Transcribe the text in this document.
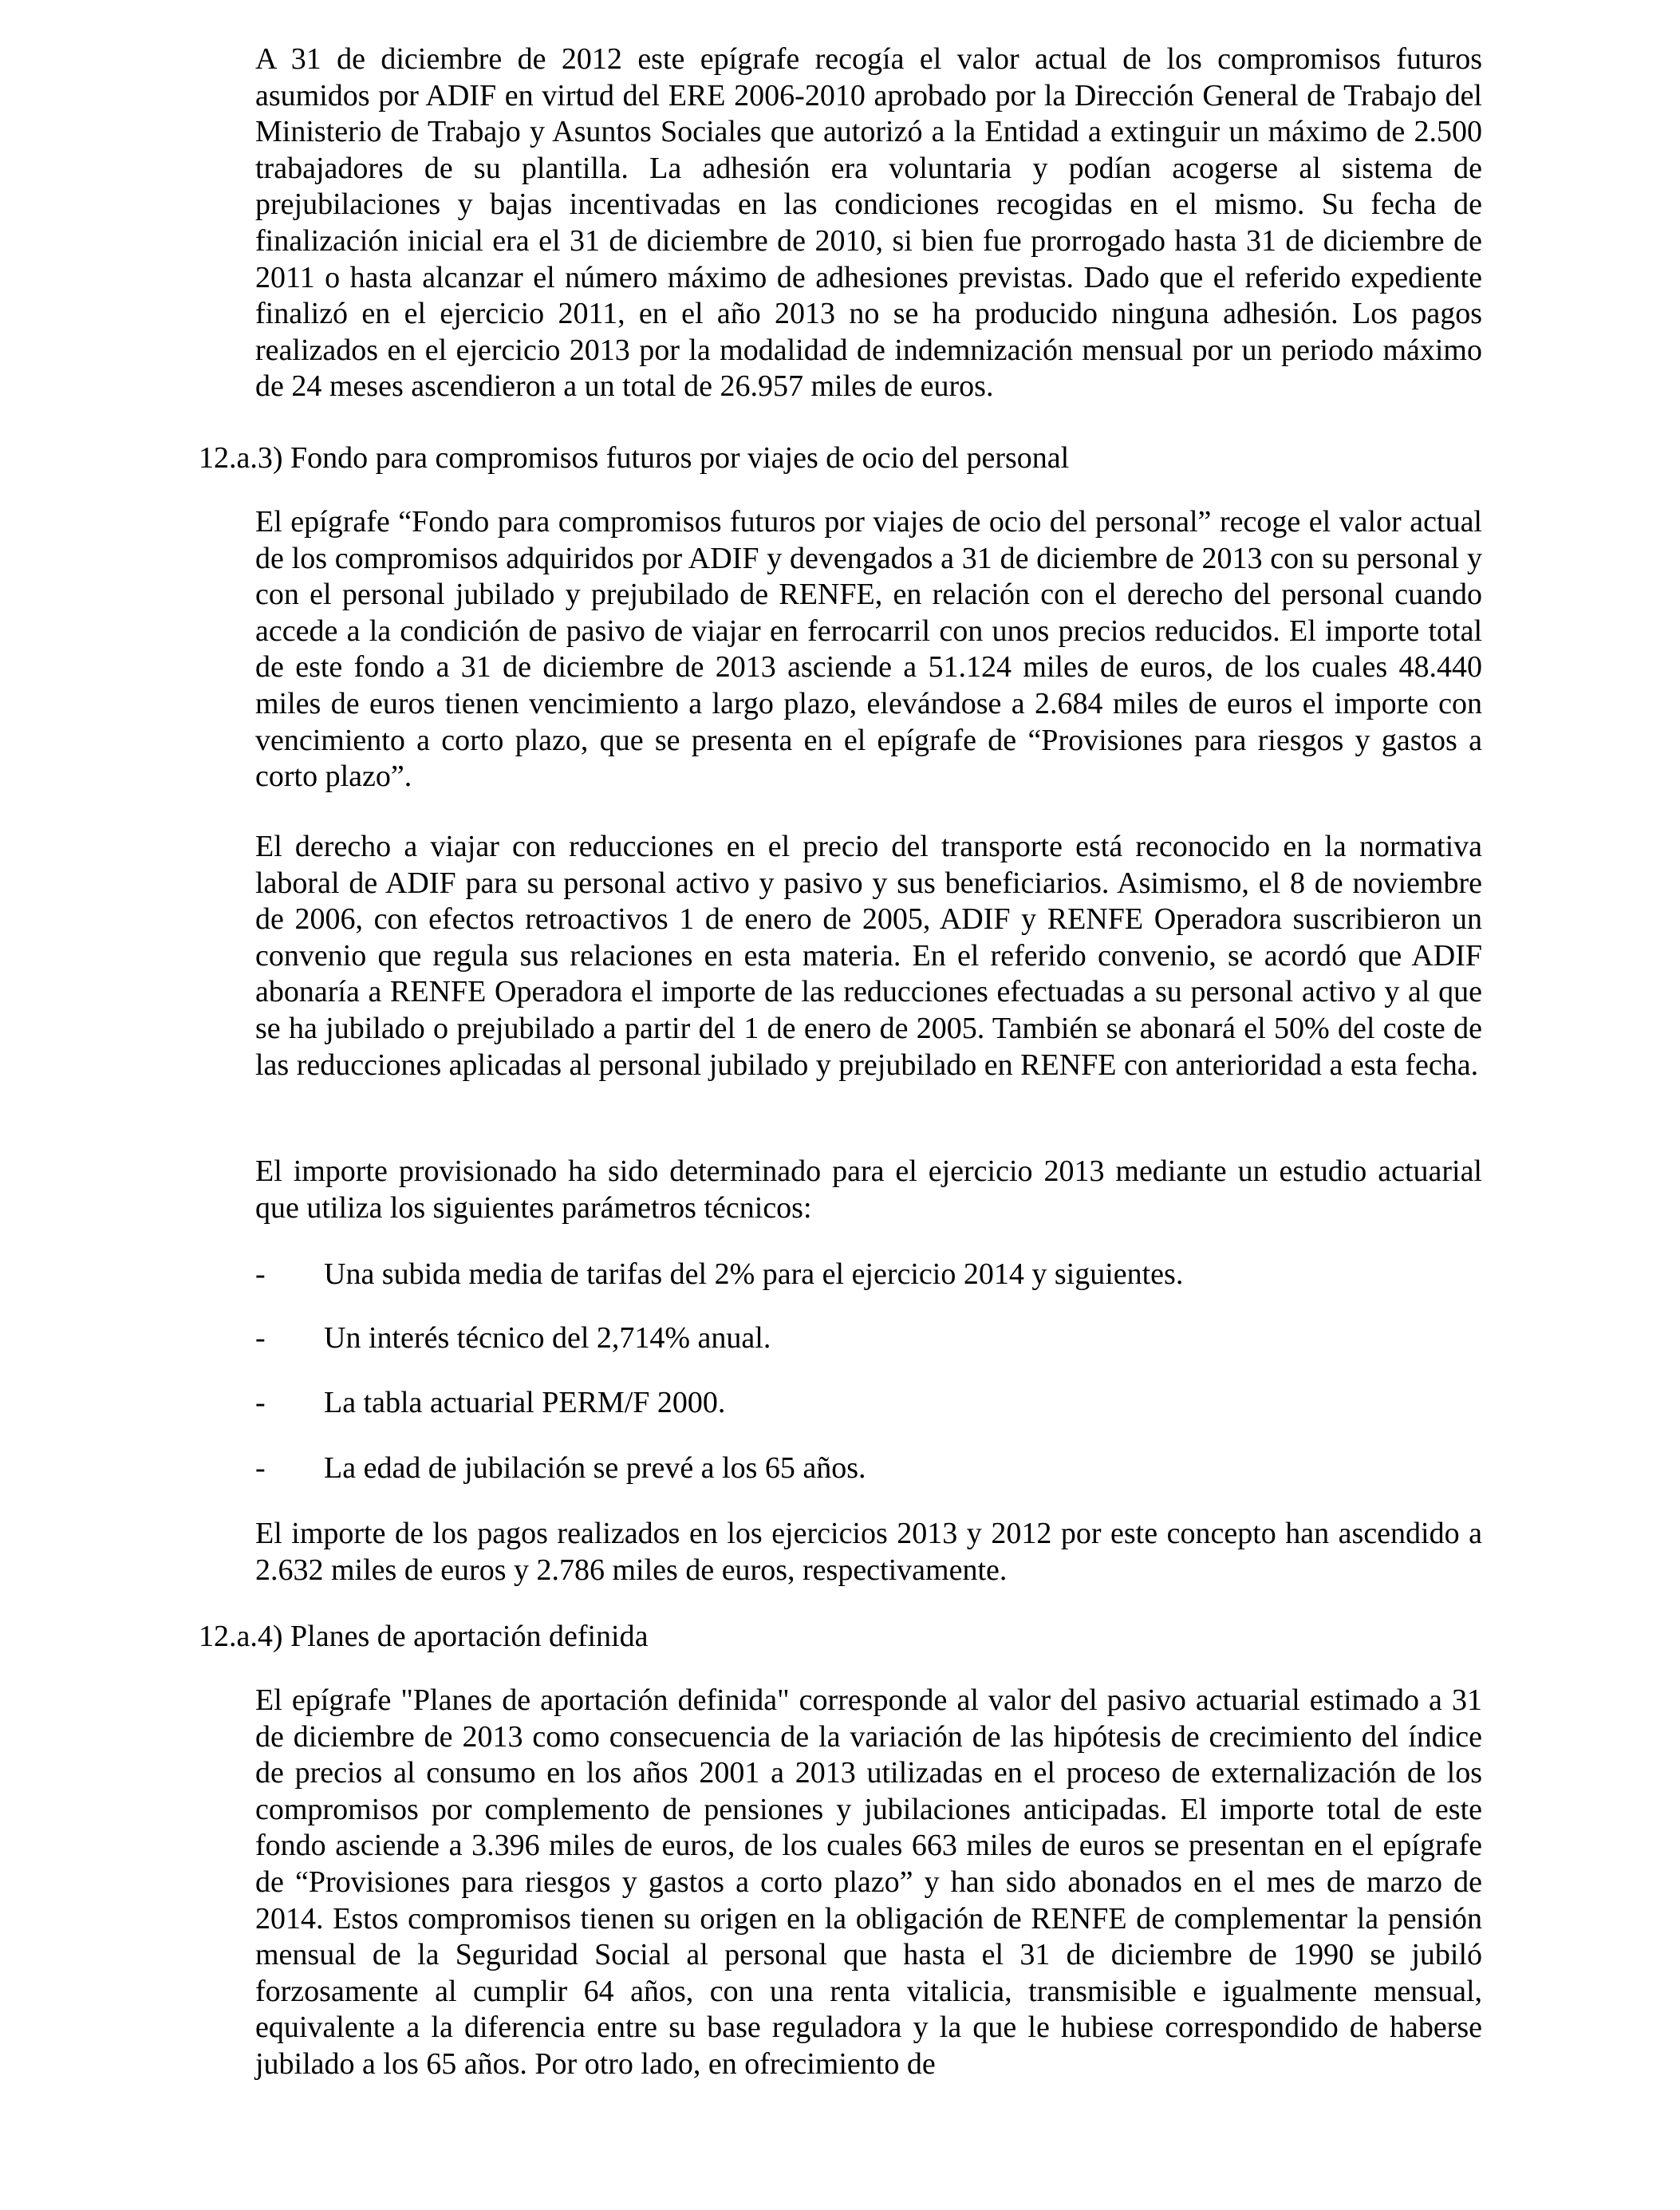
A 31 de diciembre de 2012 este epígrafe recogía el valor actual de los compromisos futuros asumidos por ADIF en virtud del ERE 2006-2010 aprobado por la Dirección General de Trabajo del Ministerio de Trabajo y Asuntos Sociales que autorizó a la Entidad a extinguir un máximo de 2.500 trabajadores de su plantilla. La adhesión era voluntaria y podían acogerse al sistema de prejubilaciones y bajas incentivadas en las condiciones recogidas en el mismo. Su fecha de finalización inicial era el 31 de diciembre de 2010, si bien fue prorrogado hasta 31 de diciembre de 2011 o hasta alcanzar el número máximo de adhesiones previstas. Dado que el referido expediente finalizó en el ejercicio 2011, en el año 2013 no se ha producido ninguna adhesión. Los pagos realizados en el ejercicio 2013 por la modalidad de indemnización mensual por un periodo máximo de 24 meses ascendieron a un total de 26.957 miles de euros.

12.a.3) Fondo para compromisos futuros por viajes de ocio del personal

El epígrafe “Fondo para compromisos futuros por viajes de ocio del personal” recoge el valor actual de los compromisos adquiridos por ADIF y devengados a 31 de diciembre de 2013 con su personal y con el personal jubilado y prejubilado de RENFE, en relación con el derecho del personal cuando accede a la condición de pasivo de viajar en ferrocarril con unos precios reducidos. El importe total de este fondo a 31 de diciembre de 2013 asciende a 51.124 miles de euros, de los cuales 48.440 miles de euros tienen vencimiento a largo plazo, elevándose a 2.684 miles de euros el importe con vencimiento a corto plazo, que se presenta en el epígrafe de “Provisiones para riesgos y gastos a corto plazo”.

El derecho a viajar con reducciones en el precio del transporte está reconocido en la normativa laboral de ADIF para su personal activo y pasivo y sus beneficiarios. Asimismo, el 8 de noviembre de 2006, con efectos retroactivos 1 de enero de 2005, ADIF y RENFE Operadora suscribieron un convenio que regula sus relaciones en esta materia. En el referido convenio, se acordó que ADIF abonaría a RENFE Operadora el importe de las reducciones efectuadas a su personal activo y al que se ha jubilado o prejubilado a partir del 1 de enero de 2005. También se abonará el 50% del coste de las reducciones aplicadas al personal jubilado y prejubilado en RENFE con anterioridad a esta fecha.

El importe provisionado ha sido determinado para el ejercicio 2013 mediante un estudio actuarial que utiliza los siguientes parámetros técnicos:

- Una subida media de tarifas del 2% para el ejercicio 2014 y siguientes.
- Un interés técnico del 2,714% anual.
- La tabla actuarial PERM/F 2000.
- La edad de jubilación se prevé a los 65 años.

El importe de los pagos realizados en los ejercicios 2013 y 2012 por este concepto han ascendido a 2.632 miles de euros y 2.786 miles de euros, respectivamente.

12.a.4) Planes de aportación definida

El epígrafe "Planes de aportación definida" corresponde al valor del pasivo actuarial estimado a 31 de diciembre de 2013 como consecuencia de la variación de las hipótesis de crecimiento del índice de precios al consumo en los años 2001 a 2013 utilizadas en el proceso de externalización de los compromisos por complemento de pensiones y jubilaciones anticipadas. El importe total de este fondo asciende a 3.396 miles de euros, de los cuales 663 miles de euros se presentan en el epígrafe de “Provisiones para riesgos y gastos a corto plazo” y han sido abonados en el mes de marzo de 2014. Estos compromisos tienen su origen en la obligación de RENFE de complementar la pensión mensual de la Seguridad Social al personal que hasta el 31 de diciembre de 1990 se jubiló forzosamente al cumplir 64 años, con una renta vitalicia, transmisible e igualmente mensual, equivalente a la diferencia entre su base reguladora y la que le hubiese correspondido de haberse jubilado a los 65 años. Por otro lado, en ofrecimiento de
